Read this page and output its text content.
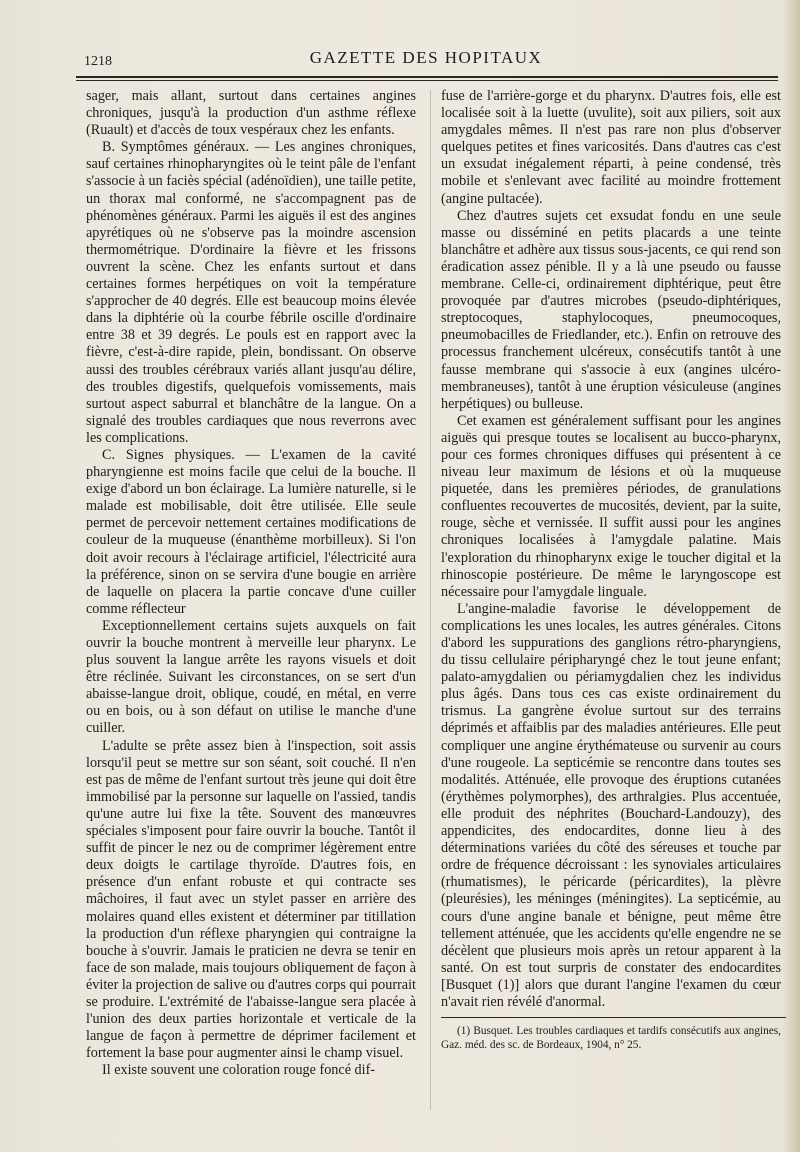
1218	GAZETTE DES HOPITAUX

sager, mais allant, surtout dans certaines angines chroniques, jusqu'à la production d'un asthme réflexe (Ruault) et d'accès de toux vespéraux chez les enfants.

B. Symptômes généraux. — Les angines chroniques, sauf certaines rhinopharyngites où le teint pâle de l'enfant s'associe à un faciès spécial (adénoïdien), une taille petite, un thorax mal conformé, ne s'accompagnent pas de phénomènes généraux. Parmi les aiguës il est des angines apyrétiques où ne s'observe pas la moindre ascension thermométrique. D'ordinaire la fièvre et les frissons ouvrent la scène. Chez les enfants surtout et dans certaines formes herpétiques on voit la température s'approcher de 40 degrés. Elle est beaucoup moins élevée dans la diphtérie où la courbe fébrile oscille d'ordinaire entre 38 et 39 degrés. Le pouls est en rapport avec la fièvre, c'est-à-dire rapide, plein, bondissant. On observe aussi des troubles cérébraux variés allant jusqu'au délire, des troubles digestifs, quelquefois vomissements, mais surtout aspect saburral et blanchâtre de la langue. On a signalé des troubles cardiaques que nous reverrons avec les complications.

C. Signes physiques. — L'examen de la cavité pharyngienne est moins facile que celui de la bouche. Il exige d'abord un bon éclairage. La lumière naturelle, si le malade est mobilisable, doit être utilisée. Elle seule permet de percevoir nettement certaines modifications de couleur de la muqueuse (énanthème morbilleux). Si l'on doit avoir recours à l'éclairage artificiel, l'électricité aura la préférence, sinon on se servira d'une bougie en arrière de laquelle on placera la partie concave d'une cuiller comme réflecteur

Exceptionnellement certains sujets auxquels on fait ouvrir la bouche montrent à merveille leur pharynx. Le plus souvent la langue arrête les rayons visuels et doit être réclinée. Suivant les circonstances, on se sert d'un abaisse-langue droit, oblique, coudé, en métal, en verre ou en bois, ou à son défaut on utilise le manche d'une cuiller.

L'adulte se prête assez bien à l'inspection, soit assis lorsqu'il peut se mettre sur son séant, soit couché. Il n'en est pas de même de l'enfant surtout très jeune qui doit être immobilisé par la personne sur laquelle on l'assied, tandis qu'une autre lui fixe la tête. Souvent des manœuvres spéciales s'imposent pour faire ouvrir la bouche. Tantôt il suffit de pincer le nez ou de comprimer légèrement entre deux doigts le cartilage thyroïde. D'autres fois, en présence d'un enfant robuste et qui contracte ses mâchoires, il faut avec un stylet passer en arrière des molaires quand elles existent et déterminer par titillation la production d'un réflexe pharyngien qui contraigne la bouche à s'ouvrir. Jamais le praticien ne devra se tenir en face de son malade, mais toujours obliquement de façon à éviter la projection de salive ou d'autres corps qui pourrait se produire. L'extrémité de l'abaisse-langue sera placée à l'union des deux parties horizontale et verticale de la langue de façon à permettre de déprimer facilement et fortement la base pour augmenter ainsi le champ visuel.

Il existe souvent une coloration rouge foncé dif-

fuse de l'arrière-gorge et du pharynx. D'autres fois, elle est localisée soit à la luette (uvulite), soit aux piliers, soit aux amygdales mêmes. Il n'est pas rare non plus d'observer quelques petites et fines varicosités. Dans d'autres cas c'est un exsudat inégalement réparti, à peine condensé, très mobile et s'enlevant avec facilité au moindre frottement (angine pultacée).

Chez d'autres sujets cet exsudat fondu en une seule masse ou disséminé en petits placards a une teinte blanchâtre et adhère aux tissus sous-jacents, ce qui rend son éradication assez pénible. Il y a là une pseudo ou fausse membrane. Celle-ci, ordinairement diphtérique, peut être provoquée par d'autres microbes (pseudo-diphtériques, streptocoques, staphylocoques, pneumocoques, pneumobacilles de Friedlander, etc.). Enfin on retrouve des processus franchement ulcéreux, consécutifs tantôt à une fausse membrane qui s'associe à eux (angines ulcéro-membraneuses), tantôt à une éruption vésiculeuse (angines herpétiques) ou bulleuse.

Cet examen est généralement suffisant pour les angines aiguës qui presque toutes se localisent au bucco-pharynx, pour ces formes chroniques diffuses qui présentent à ce niveau leur maximum de lésions et où la muqueuse piquetée, dans les premières périodes, de granulations confluentes recouvertes de mucosités, devient, par la suite, rouge, sèche et vernissée. Il suffit aussi pour les angines chroniques localisées à l'amygdale palatine. Mais l'exploration du rhinopharynx exige le toucher digital et la rhinoscopie postérieure. De même le laryngoscope est nécessaire pour l'amygdale linguale.

L'angine-maladie favorise le développement de complications les unes locales, les autres générales. Citons d'abord les suppurations des ganglions rétro-pharyngiens, du tissu cellulaire péripharyngé chez le tout jeune enfant; palato-amygdalien ou périamygdalien chez les individus plus âgés. Dans tous ces cas existe ordinairement du trismus. La gangrène évolue surtout sur des terrains déprimés et affaiblis par des maladies antérieures. Elle peut compliquer une angine érythémateuse ou survenir au cours d'une rougeole. La septicémie se rencontre dans toutes ses modalités. Atténuée, elle provoque des éruptions cutanées (érythèmes polymorphes), des arthralgies. Plus accentuée, elle produit des néphrites (Bouchard-Landouzy), des appendicites, des endocardites, donne lieu à des déterminations variées du côté des séreuses et touche par ordre de fréquence décroissant : les synoviales articulaires (rhumatismes), le péricarde (péricardites), la plèvre (pleurésies), les méninges (méningites). La septicémie, au cours d'une angine banale et bénigne, peut même être tellement atténuée, que les accidents qu'elle engendre ne se décèlent que plusieurs mois après un retour apparent à la santé. On est tout surpris de constater des endocardites [Busquet (1)] alors que durant l'angine l'examen du cœur n'avait rien révélé d'anormal.

(1) Busquet. Les troubles cardiaques et tardifs consécutifs aux angines, Gaz. méd. des sc. de Bordeaux, 1904, n° 25.
